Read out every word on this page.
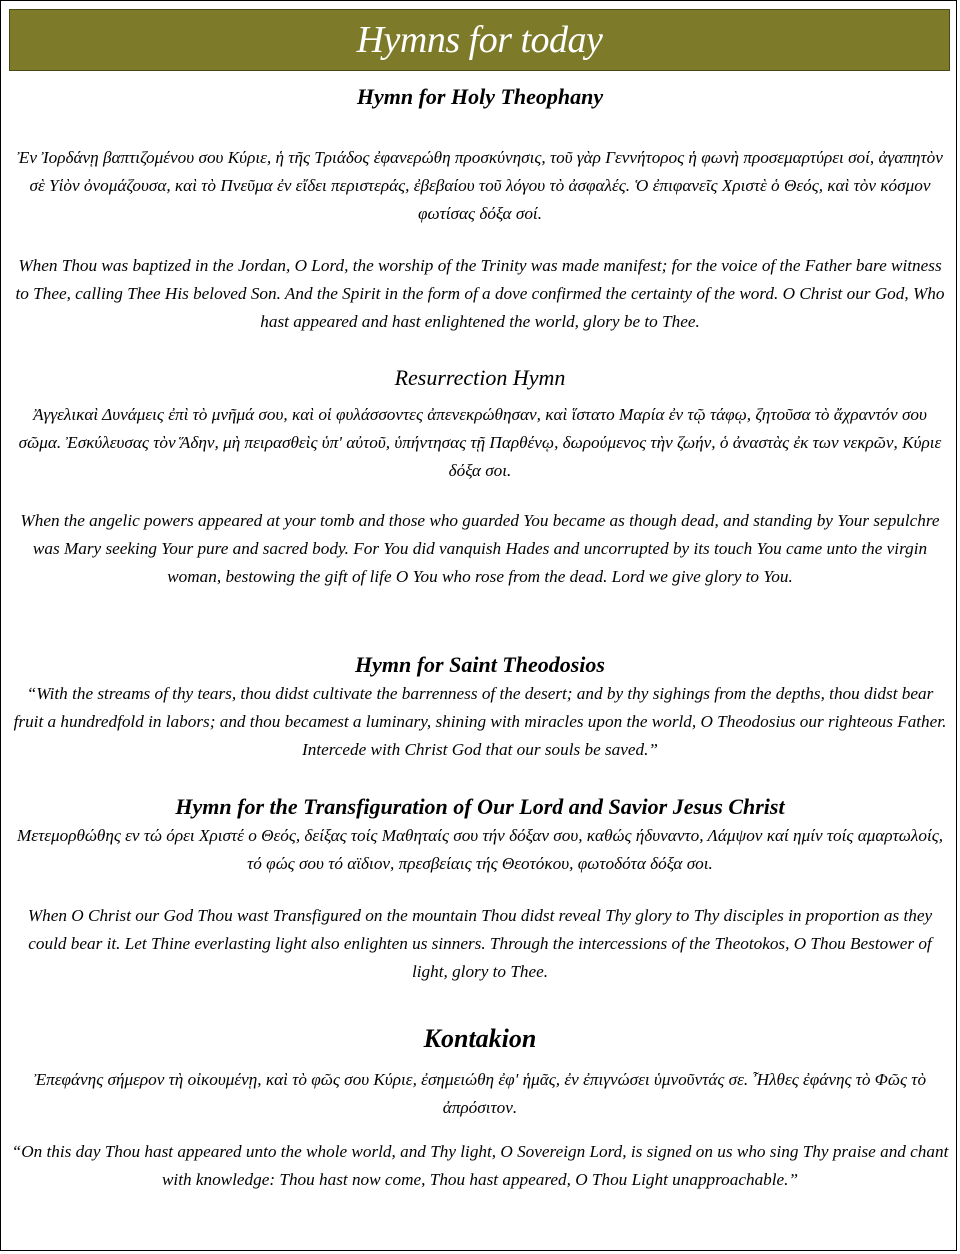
Hymns for today
Hymn for Holy Theophany

Ἐν Ἰορδάνῃ βαπτιζομένου σου Κύριε, ἡ τῆς Τριάδος ἐφανερώθη προσκύνησις, τοῦ γὰρ Γεννήτορος ἡ φωνὴ προσεμαρτύρει σοί, ἀγαπητὸν σὲ Υἱὸν ὀνομάζουσα, καὶ τὸ Πνεῦμα ἐν εἴδει περιστεράς, ἐβεβαίου τοῦ λόγου τὸ ἀσφαλές. Ὁ ἐπιφανεῖς Χριστὲ ὁ Θεός, καὶ τὸν κόσμον φωτίσας δόξα σοί.

When Thou was baptized in the Jordan, O Lord, the worship of the Trinity was made manifest; for the voice of the Father bare witness to Thee, calling Thee His beloved Son. And the Spirit in the form of a dove confirmed the certainty of the word. O Christ our God, Who hast appeared and hast enlightened the world, glory be to Thee.

Resurrection Hymn

Ἀγγελικαὶ Δυνάμεις ἐπὶ τὸ μνῆμά σου, καὶ οἱ φυλάσσοντες ἀπενεκρώθησαν, καὶ ἵστατο Μαρία ἐν τῷ τάφῳ, ζητοῦσα τὸ ἄχραντόν σου σῶμα. Ἐσκύλευσας τὸν Ἅδην, μὴ πειρασθεὶς ὑπ' αὐτοῦ, ὑπήντησας τῇ Παρθένῳ, δωρούμενος τὴν ζωήν, ὁ ἀναστὰς ἐκ των νεκρῶν, Κύριε δόξα σοι.

When the angelic powers appeared at your tomb and those who guarded You became as though dead, and standing by Your sepulchre was Mary seeking Your pure and sacred body. For You did vanquish Hades and uncorrupted by its touch You came unto the virgin woman, bestowing the gift of life O You who rose from the dead. Lord we give glory to You.

Hymn for Saint Theodosios

“With the streams of thy tears, thou didst cultivate the barrenness of the desert; and by thy sighings from the depths, thou didst bear fruit a hundredfold in labors; and thou becamest a luminary, shining with miracles upon the world, O Theodosius our righteous Father. Intercede with Christ God that our souls be saved.”

Hymn for the Transfiguration of Our Lord and Savior Jesus Christ

Μετεμορθώθης εν τώ όρει Χριστέ ο Θεός, δείξας τοίς Μαθηταίς σου τήν δόξαν σου, καθώς ήδυναντο, Λάμψον καί ημίν τοίς αμαρτωλοίς, τό φώς σου τό αϊδιον, πρεσβείαις τής Θεοτόκου, φωτοδότα δόξα σοι.

When O Christ our God Thou wast Transfigured on the mountain Thou didst reveal Thy glory to Thy disciples in proportion as they could bear it. Let Thine everlasting light also enlighten us sinners. Through the intercessions of the Theotokos, O Thou Bestower of light, glory to Thee.

Kontakion

Ἐπεφάνης σήμερον τὴ οἰκουμένῃ, καὶ τὸ φῶς σου Κύριε, ἐσημειώθη ἐφ' ἡμᾶς, ἐν ἐπιγνώσει ὑμνοῦντάς σε. Ἦλθες ἐφάνης τὸ Φῶς τὸ ἀπρόσιτον.

“On this day Thou hast appeared unto the whole world, and Thy light, O Sovereign Lord, is signed on us who sing Thy praise and chant with knowledge: Thou hast now come, Thou hast appeared, O Thou Light unapproachable.”
